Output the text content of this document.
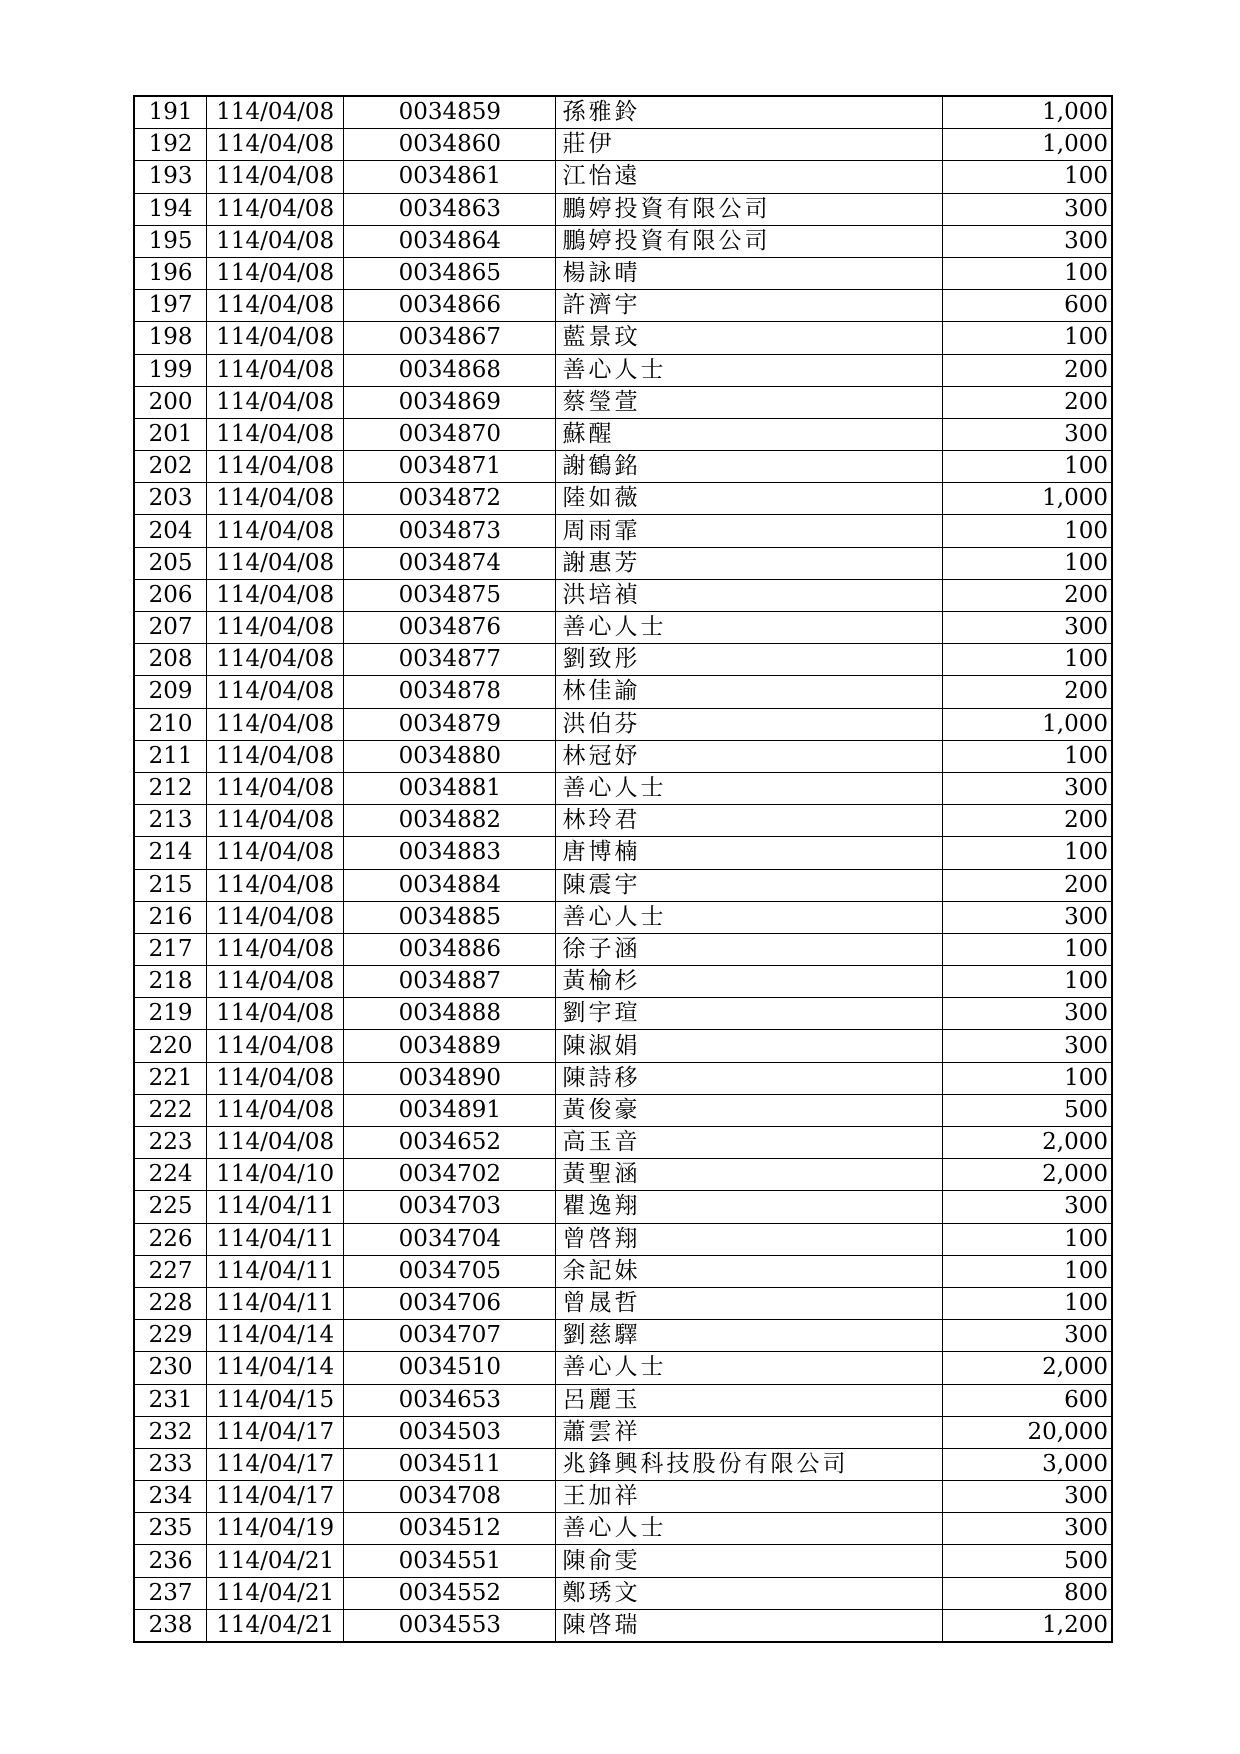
191	114/04/08	0034859	孫雅鈴	1,000
192	114/04/08	0034860	莊伊	1,000
193	114/04/08	0034861	江怡遠	100
194	114/04/08	0034863	鵬婷投資有限公司	300
195	114/04/08	0034864	鵬婷投資有限公司	300
196	114/04/08	0034865	楊詠晴	100
197	114/04/08	0034866	許濟宇	600
198	114/04/08	0034867	藍景玟	100
199	114/04/08	0034868	善心人士	200
200	114/04/08	0034869	蔡瑩萱	200
201	114/04/08	0034870	蘇醒	300
202	114/04/08	0034871	謝鶴銘	100
203	114/04/08	0034872	陸如薇	1,000
204	114/04/08	0034873	周雨霏	100
205	114/04/08	0034874	謝惠芳	100
206	114/04/08	0034875	洪培禎	200
207	114/04/08	0034876	善心人士	300
208	114/04/08	0034877	劉致彤	100
209	114/04/08	0034878	林佳諭	200
210	114/04/08	0034879	洪伯芬	1,000
211	114/04/08	0034880	林冠妤	100
212	114/04/08	0034881	善心人士	300
213	114/04/08	0034882	林玲君	200
214	114/04/08	0034883	唐博楠	100
215	114/04/08	0034884	陳震宇	200
216	114/04/08	0034885	善心人士	300
217	114/04/08	0034886	徐子涵	100
218	114/04/08	0034887	黃榆杉	100
219	114/04/08	0034888	劉宇瑄	300
220	114/04/08	0034889	陳淑娟	300
221	114/04/08	0034890	陳詩移	100
222	114/04/08	0034891	黃俊豪	500
223	114/04/08	0034652	高玉音	2,000
224	114/04/10	0034702	黃聖涵	2,000
225	114/04/11	0034703	瞿逸翔	300
226	114/04/11	0034704	曾啓翔	100
227	114/04/11	0034705	余記妹	100
228	114/04/11	0034706	曾晟哲	100
229	114/04/14	0034707	劉慈驛	300
230	114/04/14	0034510	善心人士	2,000
231	114/04/15	0034653	呂麗玉	600
232	114/04/17	0034503	蕭雲祥	20,000
233	114/04/17	0034511	兆鋒興科技股份有限公司	3,000
234	114/04/17	0034708	王加祥	300
235	114/04/19	0034512	善心人士	300
236	114/04/21	0034551	陳俞雯	500
237	114/04/21	0034552	鄭琇文	800
238	114/04/21	0034553	陳啓瑞	1,200
